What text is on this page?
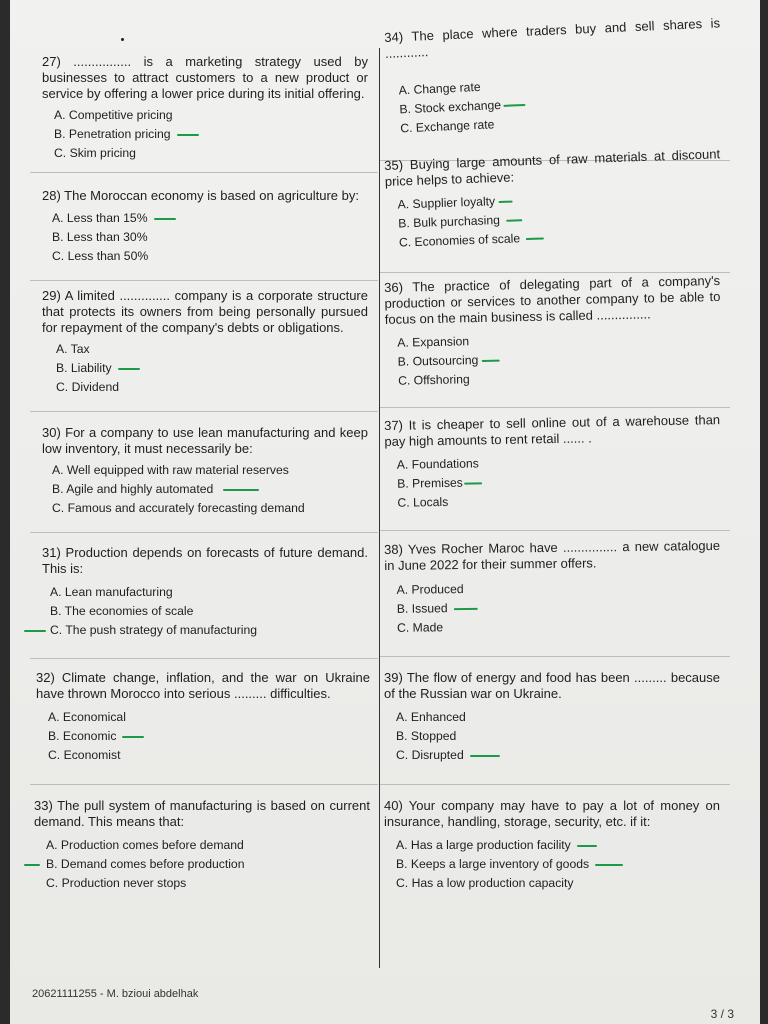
27) ................ is a marketing strategy used by businesses to attract customers to a new product or service by offering a lower price during its initial offering.
A. Competitive pricing
B. Penetration pricing
C. Skim pricing
28) The Moroccan economy is based on agriculture by:
A. Less than 15%
B. Less than 30%
C. Less than 50%
29) A limited .............. company is a corporate structure that protects its owners from being personally pursued for repayment of the company's debts or obligations.
A. Tax
B. Liability
C. Dividend
30) For a company to use lean manufacturing and keep low inventory, it must necessarily be:
A. Well equipped with raw material reserves
B. Agile and highly automated
C. Famous and accurately forecasting demand
31) Production depends on forecasts of future demand. This is:
A. Lean manufacturing
B. The economies of scale
C. The push strategy of manufacturing
32) Climate change, inflation, and the war on Ukraine have thrown Morocco into serious ......... difficulties.
A. Economical
B. Economic
C. Economist
33) The pull system of manufacturing is based on current demand. This means that:
A. Production comes before demand
B. Demand comes before production
C. Production never stops
34) The place where traders buy and sell shares is ............
A. Change rate
B. Stock exchange
C. Exchange rate
35) Buying large amounts of raw materials at discount price helps to achieve:
A. Supplier loyalty
B. Bulk purchasing
C. Economies of scale
36) The practice of delegating part of a company's production or services to another company to be able to focus on the main business is called ...............
A. Expansion
B. Outsourcing
C. Offshoring
37) It is cheaper to sell online out of a warehouse than pay high amounts to rent retail ...... .
A. Foundations
B. Premises
C. Locals
38) Yves Rocher Maroc have ............... a new catalogue in June 2022 for their summer offers.
A. Produced
B. Issued
C. Made
39) The flow of energy and food has been ......... because of the Russian war on Ukraine.
A. Enhanced
B. Stopped
C. Disrupted
40) Your company may have to pay a lot of money on insurance, handling, storage, security, etc. if it:
A. Has a large production facility
B. Keeps a large inventory of goods
C. Has a low production capacity
20621111255 - M. bzioui abdelhak
3 / 3
